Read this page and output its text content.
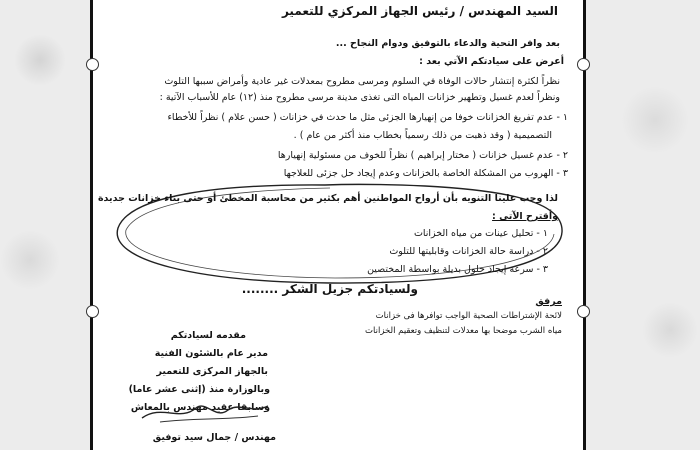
السيد المهندس / رئيس الجهاز المركزي للتعمير
بعد وافر التحية والدعاء بالتوفيق ودوام النجاح ...
أعرض على سيادتكم الآتي بعد :
نظراً لكثرة إنتشار حالات الوفاة في السلوم ومرسى مطروح بمعدلات غير عادية وأمراض سببها التلوث
ونظراً لعدم غسيل وتطهير خزانات المياه التى تغذى مدينة مرسى مطروح منذ (١٢) عام للأسباب الآتية :
١ - عدم تفريغ الخزانات خوفا من إنهيارها الجزئى مثل ما حدث في خزانات ( حسن علام ) نظراً للأخطاء
التصميمية ( وقد ذهبت من ذلك رسمياً بخطاب منذ أكثر من عام ) .
٢ - عدم غسيل خزانات ( مختار إبراهيم ) نظراً للخوف من مسئولية إنهيارها
٣ - الهروب من المشكلة الخاصة بالخزانات وعدم إيجاد حل جزئى للعلاجها
لذا وجب علينا التنويه بأن أرواح المواطنين أهم بكثير من محاسبة المخطئ أو حتى بناء خزانات جديدة
وأقترح الآتى :
١ - تحليل عينات من مياه الخزانات
٢ - دراسة حالة الخزانات وقابليتها للتلوث
٣ - سرعة إيجاد حلول بديلة بواسطة المختصين
ولسيادتكم جزيل الشكر ........
مرفق
لائحة الإشتراطات الصحية الواجب توافرها فى خزانات
مياه الشرب موضحا بها معدلات لتنظيف وتعقيم الخزانات
مقدمه لسيادتكم
مدير عام بالشئون الفنية
بالجهاز المركزى للتعمير
وبالوزارة منذ (إثنى عشر عاما)
وسابقا عقيد مهندس بالمعاش
مهندس / جمال سيد توفيق
